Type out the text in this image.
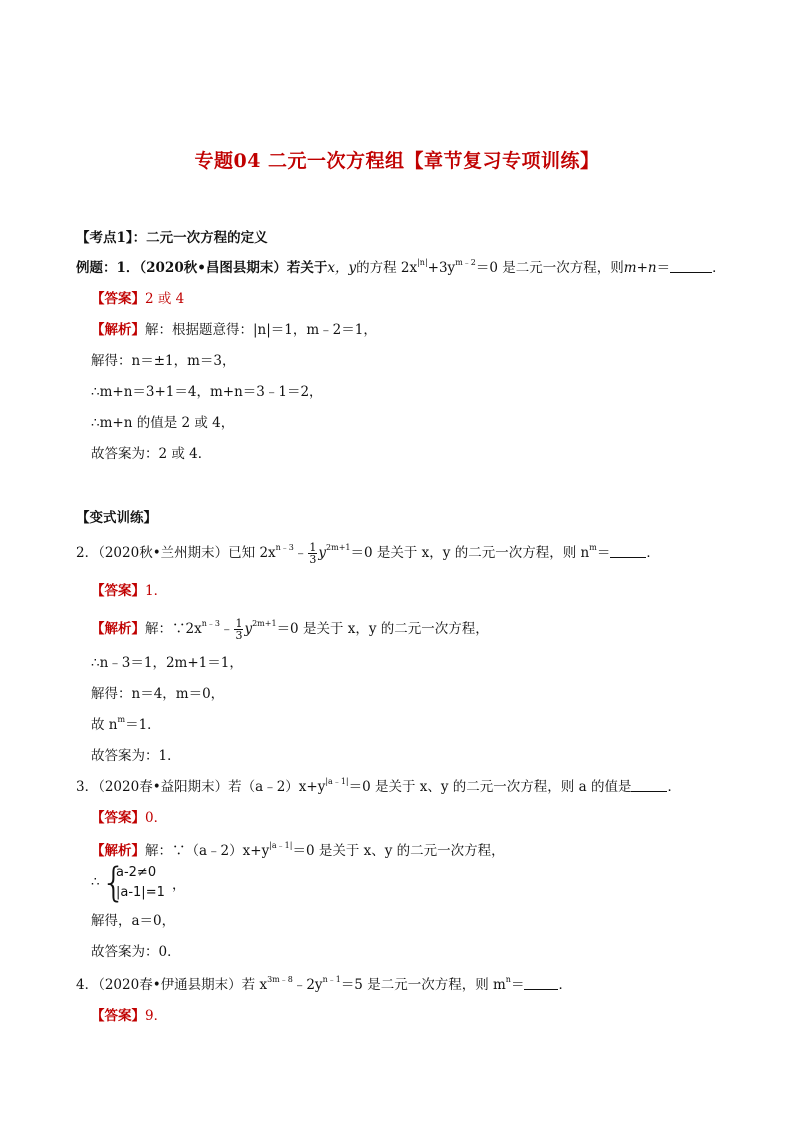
专题04 二元一次方程组【章节复习专项训练】
【考点1】：二元一次方程的定义
例题：1．（2020秋•昌图县期末）若关于x，y的方程 $2x^{|n|}+3y^{m﹣2}=0$ 是二元一次方程，则m+n＝	．
【答案】2 或 4
【解析】解：根据题意得：|n|＝1，m﹣2＝1，
解得：n＝±1，m＝3，
∴m+n＝3+1＝4，m+n＝3﹣1＝2，
∴m+n 的值是 2 或 4，
故答案为：2 或 4．
【变式训练】
2．（2020秋•兰州期末）已知 $2x^{n﹣3}﹣ \frac{1}{3} y^{2m+1}=0$ 是关于 x，y 的二元一次方程，则 $n^m=$	．
【答案】1．
【解析】解：$\because 2x^{n﹣3}﹣ \frac{1}{3} y^{2m+1}=0$ 是关于 x，y 的二元一次方程，
∴n﹣3＝1，2m+1＝1，
解得：n＝4，m＝0，
故 $n^m=1$．
故答案为：1．
3．（2020春•益阳期末）若$(a﹣2)x+y^{|a﹣1|}=0$ 是关于 x、y 的二元一次方程，则 a 的值是	．
【答案】0．
【解析】解：$\because(a﹣2)x+y^{|a﹣1|}=0$ 是关于 x、y 的二元一次方程，
∴ {
a-2≠0
|a-1|=1 ，
解得，a＝0，
故答案为：0．
4．（2020春•伊通县期末）若 $x^{3m﹣8}﹣2y^{n﹣1}=5$ 是二元一次方程，则 $m^n=$	．
【答案】9．
